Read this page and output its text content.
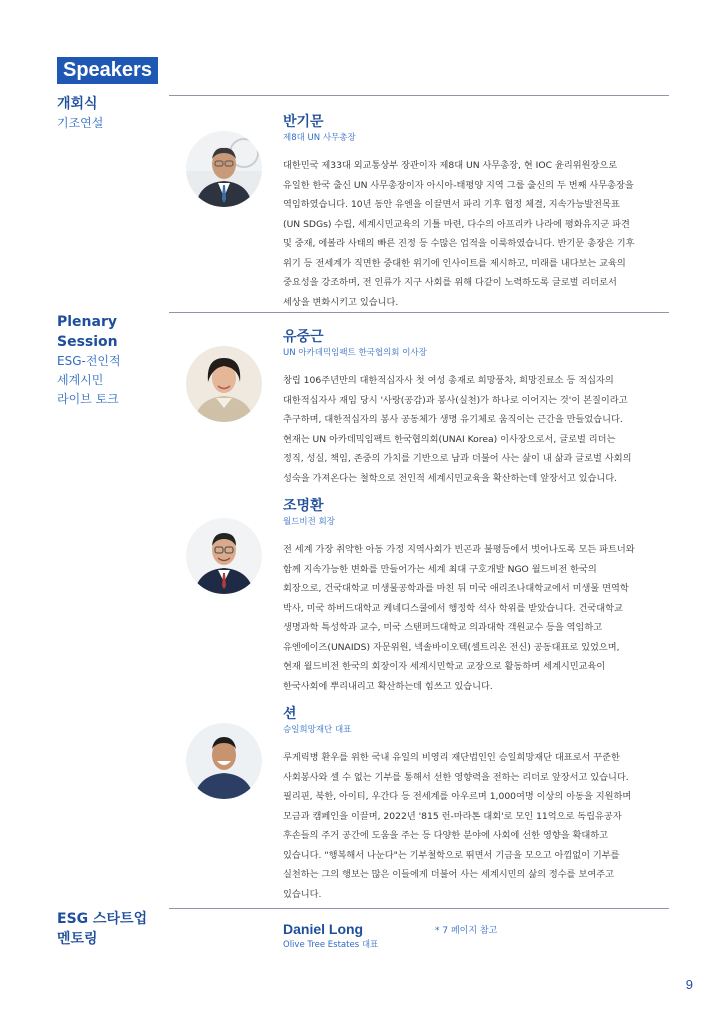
Speakers
개회식
기조연설
Plenary
Session
ESG-전인적
세계시민
라이브 토크
ESG 스타트업
멘토링
반기문
제8대 UN 사무총장
대한민국 제33대 외교통상부 장관이자 제8대 UN 사무총장, 현 IOC 윤리위원장으로
유일한 한국 출신 UN 사무총장이자 아시아-태평양 지역 그룹 출신의 두 번째 사무총장을
역임하였습니다. 10년 동안 유엔을 이끌면서 파리 기후 협정 체결, 지속가능발전목표
(UN SDGs) 수립, 세계시민교육의 기틀 마련, 다수의 아프리카 나라에 평화유지군 파견
및 중재, 에볼라 사태의 빠른 진정 등 수많은 업적을 이룩하였습니다. 반기문 총장은 기후
위기 등 전세계가 직면한 중대한 위기에 인사이트를 제시하고, 미래를 내다보는 교육의
중요성을 강조하며, 전 인류가 지구 사회를 위해 다같이 노력하도록 글로벌 리더로서
세상을 변화시키고 있습니다.
유중근
UN 아카데믹임팩트 한국협의회 이사장
창립 106주년만의 대한적십자사 첫 여성 총재로 희망풍차, 희망진료소 등 적십자의
대한적십자사 재임 당시 '사랑(공감)과 봉사(실천)가 하나로 이어지는 것'이 본질이라고
추구하며, 대한적십자의 봉사 공동체가 생명 유기체로 움직이는 근간을 만들었습니다.
현재는 UN 아카데믹임팩트 한국협의회(UNAI Korea) 이사장으로서, 글로벌 리더는
정직, 성실, 책임, 존중의 가치를 기반으로 남과 더불어 사는 삶이 내 삶과 글로벌 사회의
성숙을 가져온다는 철학으로 전인적 세계시민교육을 확산하는데 앞장서고 있습니다.
조명환
월드비전 회장
전 세계 가장 취약한 아동 가정 지역사회가 빈곤과 불평등에서 벗어나도록 모든 파트너와
함께 지속가능한 변화를 만들어가는 세계 최대 구호개발 NGO 월드비전 한국의
회장으로, 건국대학교 미생물공학과를 마친 뒤 미국 애리조나대학교에서 미생물 면역학
박사, 미국 하버드대학교 케네디스쿨에서 행정학 석사 학위를 받았습니다. 건국대학교
생명과학 특성학과 교수, 미국 스탠퍼드대학교 의과대학 객원교수 등을 역임하고
유엔에이즈(UNAIDS) 자문위원, 넥솔바이오텍(셀트리온 전신) 공동대표로 있었으며,
현재 월드비전 한국의 회장이자 세계시민학교 교장으로 활동하며 세계시민교육이
한국사회에 뿌리내리고 확산하는데 힘쓰고 있습니다.
션
승일희망재단 대표
루게릭병 환우를 위한 국내 유일의 비영리 재단법인인 승일희망재단 대표로서 꾸준한
사회봉사와 셀 수 없는 기부를 통해서 선한 영향력을 전하는 리더로 앞장서고 있습니다.
필리핀, 북한, 아이티, 우간다 등 전세계를 아우르며 1,000여명 이상의 아동을 지원하며
모금과 캠페인을 이끌며, 2022년 '815 런-마라톤 대회'로 모인 11억으로 독립유공자
후손들의 주거 공간에 도움을 주는 등 다양한 분야에 사회에 선한 영향을 확대하고
있습니다. "행복해서 나눈다"는 기부철학으로 뛰면서 기금을 모으고 아낌없이 기부를
실천하는 그의 행보는 많은 이들에게 더불어 사는 세계시민의 삶의 정수를 보여주고
있습니다.
Daniel Long
Olive Tree Estates 대표
* 7 페이지 참고
9
